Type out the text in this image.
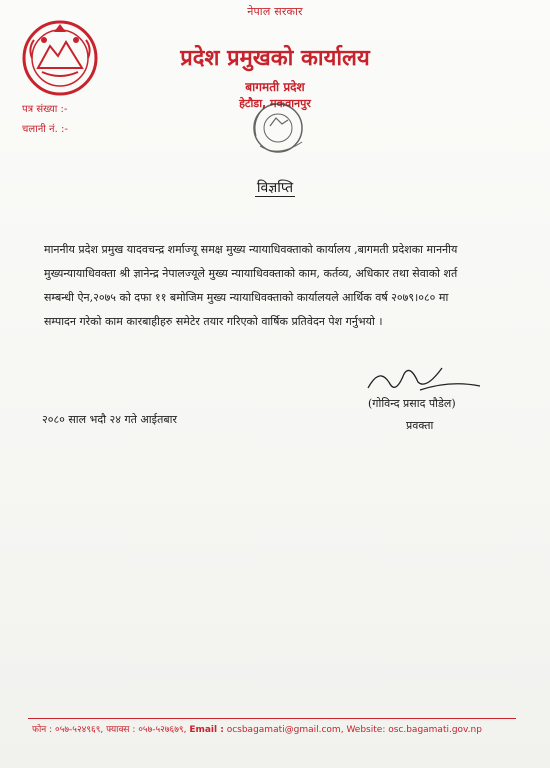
नेपाल सरकार
प्रदेश प्रमुखको कार्यालय
बागमती प्रदेश
हेटौडा, मकवानपुर
पत्र संख्या :-
चलानी नं. :-
विज्ञप्ति
माननीय प्रदेश प्रमुख यादवचन्द्र शर्माज्यू समक्ष मुख्य न्यायाधिवक्ताको कार्यालय ,बागमती प्रदेशका माननीय
मुख्यन्यायाधिवक्ता श्री ज्ञानेन्द्र नेपालज्यूले मुख्य न्यायाधिवक्ताको काम, कर्तव्य, अधिकार तथा सेवाको शर्त
सम्बन्धी ऐन,२०७५ को दफा ११ बमोजिम मुख्य न्यायाधिवक्ताको कार्यालयले आर्थिक वर्ष २०७९।०८० मा
सम्पादन गरेको काम कारबाहीहरु समेटेर तयार गरिएको वार्षिक प्रतिवेदन पेश गर्नुभयो ।
(गोविन्द प्रसाद पौडेल)
प्रवक्ता
२०८० साल भदौ २४ गते आईतबार
फोन : ०५७-५२४९६९, फ्याक्स : ०५७-५२७६७९, Email : ocsbagamati@gmail.com, Website: osc.bagamati.gov.np
